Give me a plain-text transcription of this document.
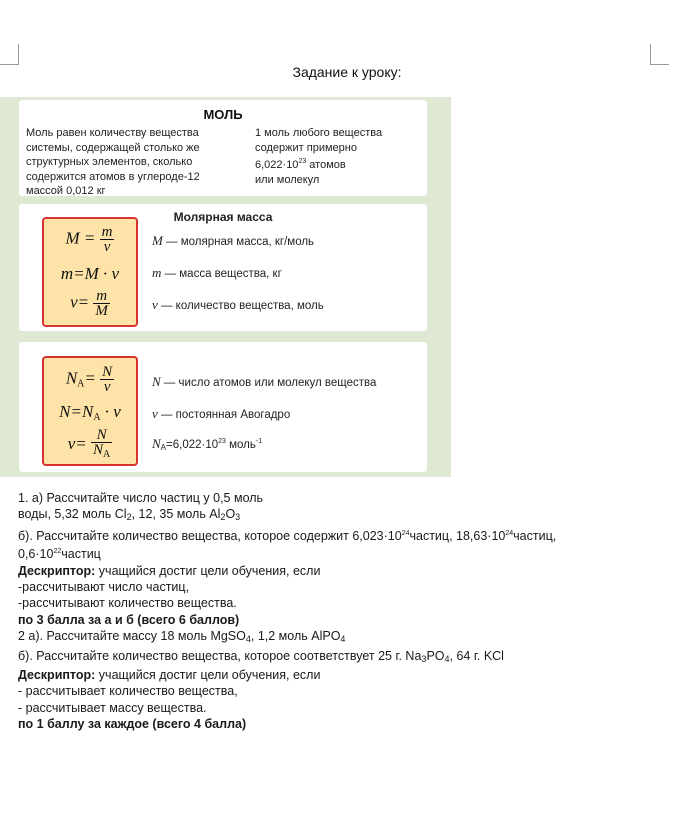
Задание к уроку:
МОЛЬ
Моль равен количеству вещества
системы, содержащей столько же
структурных элементов, сколько
содержится атомов в углероде-12
массой 0,012 кг
1 моль любого вещества
содержит примерно
$6,022\cdot 10^{23}$ атомов
или молекул
Молярная масса
$M = \frac{m}{v}$
m=M · v
$v= \frac{m}{M}$
M — молярная масса, кг/моль
m — масса вещества, кг
v — количество вещества, моль
$NA= \frac{N}{v}$
N=NA · v
$v= \frac{N}{N_A}$
N — число атомов или молекул вещества
v — постоянная Авогадро
$NA=6,022\cdot 10^{23}$ моль$^{-1}$
1. а) Рассчитайте число частиц у 0,5 моль
воды, 5,32 моль Cl2, 12, 35 моль Al2O3
б). Рассчитайте количество вещества, которое содержит $6,023\cdot 10^{24}частиц$, $18,63\cdot 10^{24}частиц$,
$0,6\cdot 10^{22}частиц$
Дескриптор: учащийся достиг цели обучения, если
-рассчитывают число частиц,
-рассчитывают количество вещества.
по 3 балла за а и б (всего 6 баллов)
2 а). Рассчитайте массу 18 моль MgSO4, 1,2 моль AlPO4
б). Рассчитайте количество вещества, которое соответствует 25 г. Na3PO4, 64 г. KCl
Дескриптор: учащийся достиг цели обучения, если
- рассчитывает количество вещества,
- рассчитывает массу вещества.
по 1 баллу за каждое (всего 4 балла)
